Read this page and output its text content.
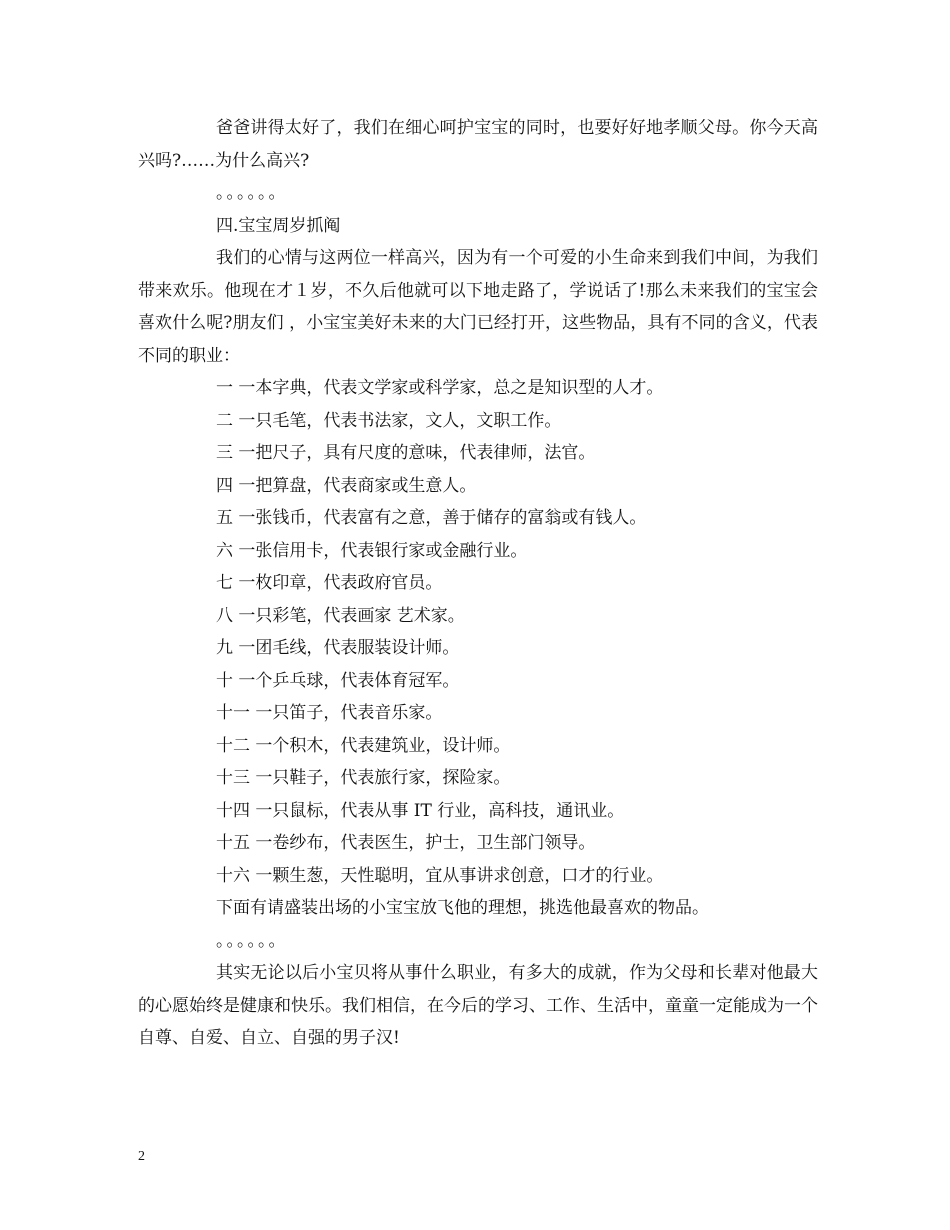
爸爸讲得太好了，我们在细心呵护宝宝的同时，也要好好地孝顺父母。你今天高兴吗?……为什么高兴?

。。。。。。

四.宝宝周岁抓阄

我们的心情与这两位一样高兴，因为有一个可爱的小生命来到我们中间，为我们带来欢乐。他现在才１岁，不久后他就可以下地走路了，学说话了!那么未来我们的宝宝会喜欢什么呢?朋友们 ，小宝宝美好未来的大门已经打开，这些物品，具有不同的含义，代表不同的职业：

一 一本字典，代表文学家或科学家，总之是知识型的人才。

二 一只毛笔，代表书法家，文人，文职工作。

三 一把尺子，具有尺度的意味，代表律师，法官。

四 一把算盘，代表商家或生意人。

五 一张钱币，代表富有之意，善于储存的富翁或有钱人。

六 一张信用卡，代表银行家或金融行业。

七 一枚印章，代表政府官员。

八 一只彩笔，代表画家 艺术家。

九 一团毛线，代表服装设计师。

十 一个乒乓球，代表体育冠军。

十一 一只笛子，代表音乐家。

十二 一个积木，代表建筑业，设计师。

十三 一只鞋子，代表旅行家，探险家。

十四 一只鼠标，代表从事 IT 行业，高科技，通讯业。

十五 一卷纱布，代表医生，护士，卫生部门领导。

十六 一颗生葱，天性聪明，宜从事讲求创意，口才的行业。

下面有请盛装出场的小宝宝放飞他的理想，挑选他最喜欢的物品。

。。。。。。

其实无论以后小宝贝将从事什么职业，有多大的成就，作为父母和长辈对他最大的心愿始终是健康和快乐。我们相信，在今后的学习、工作、生活中，童童一定能成为一个自尊、自爱、自立、自强的男子汉!

2
